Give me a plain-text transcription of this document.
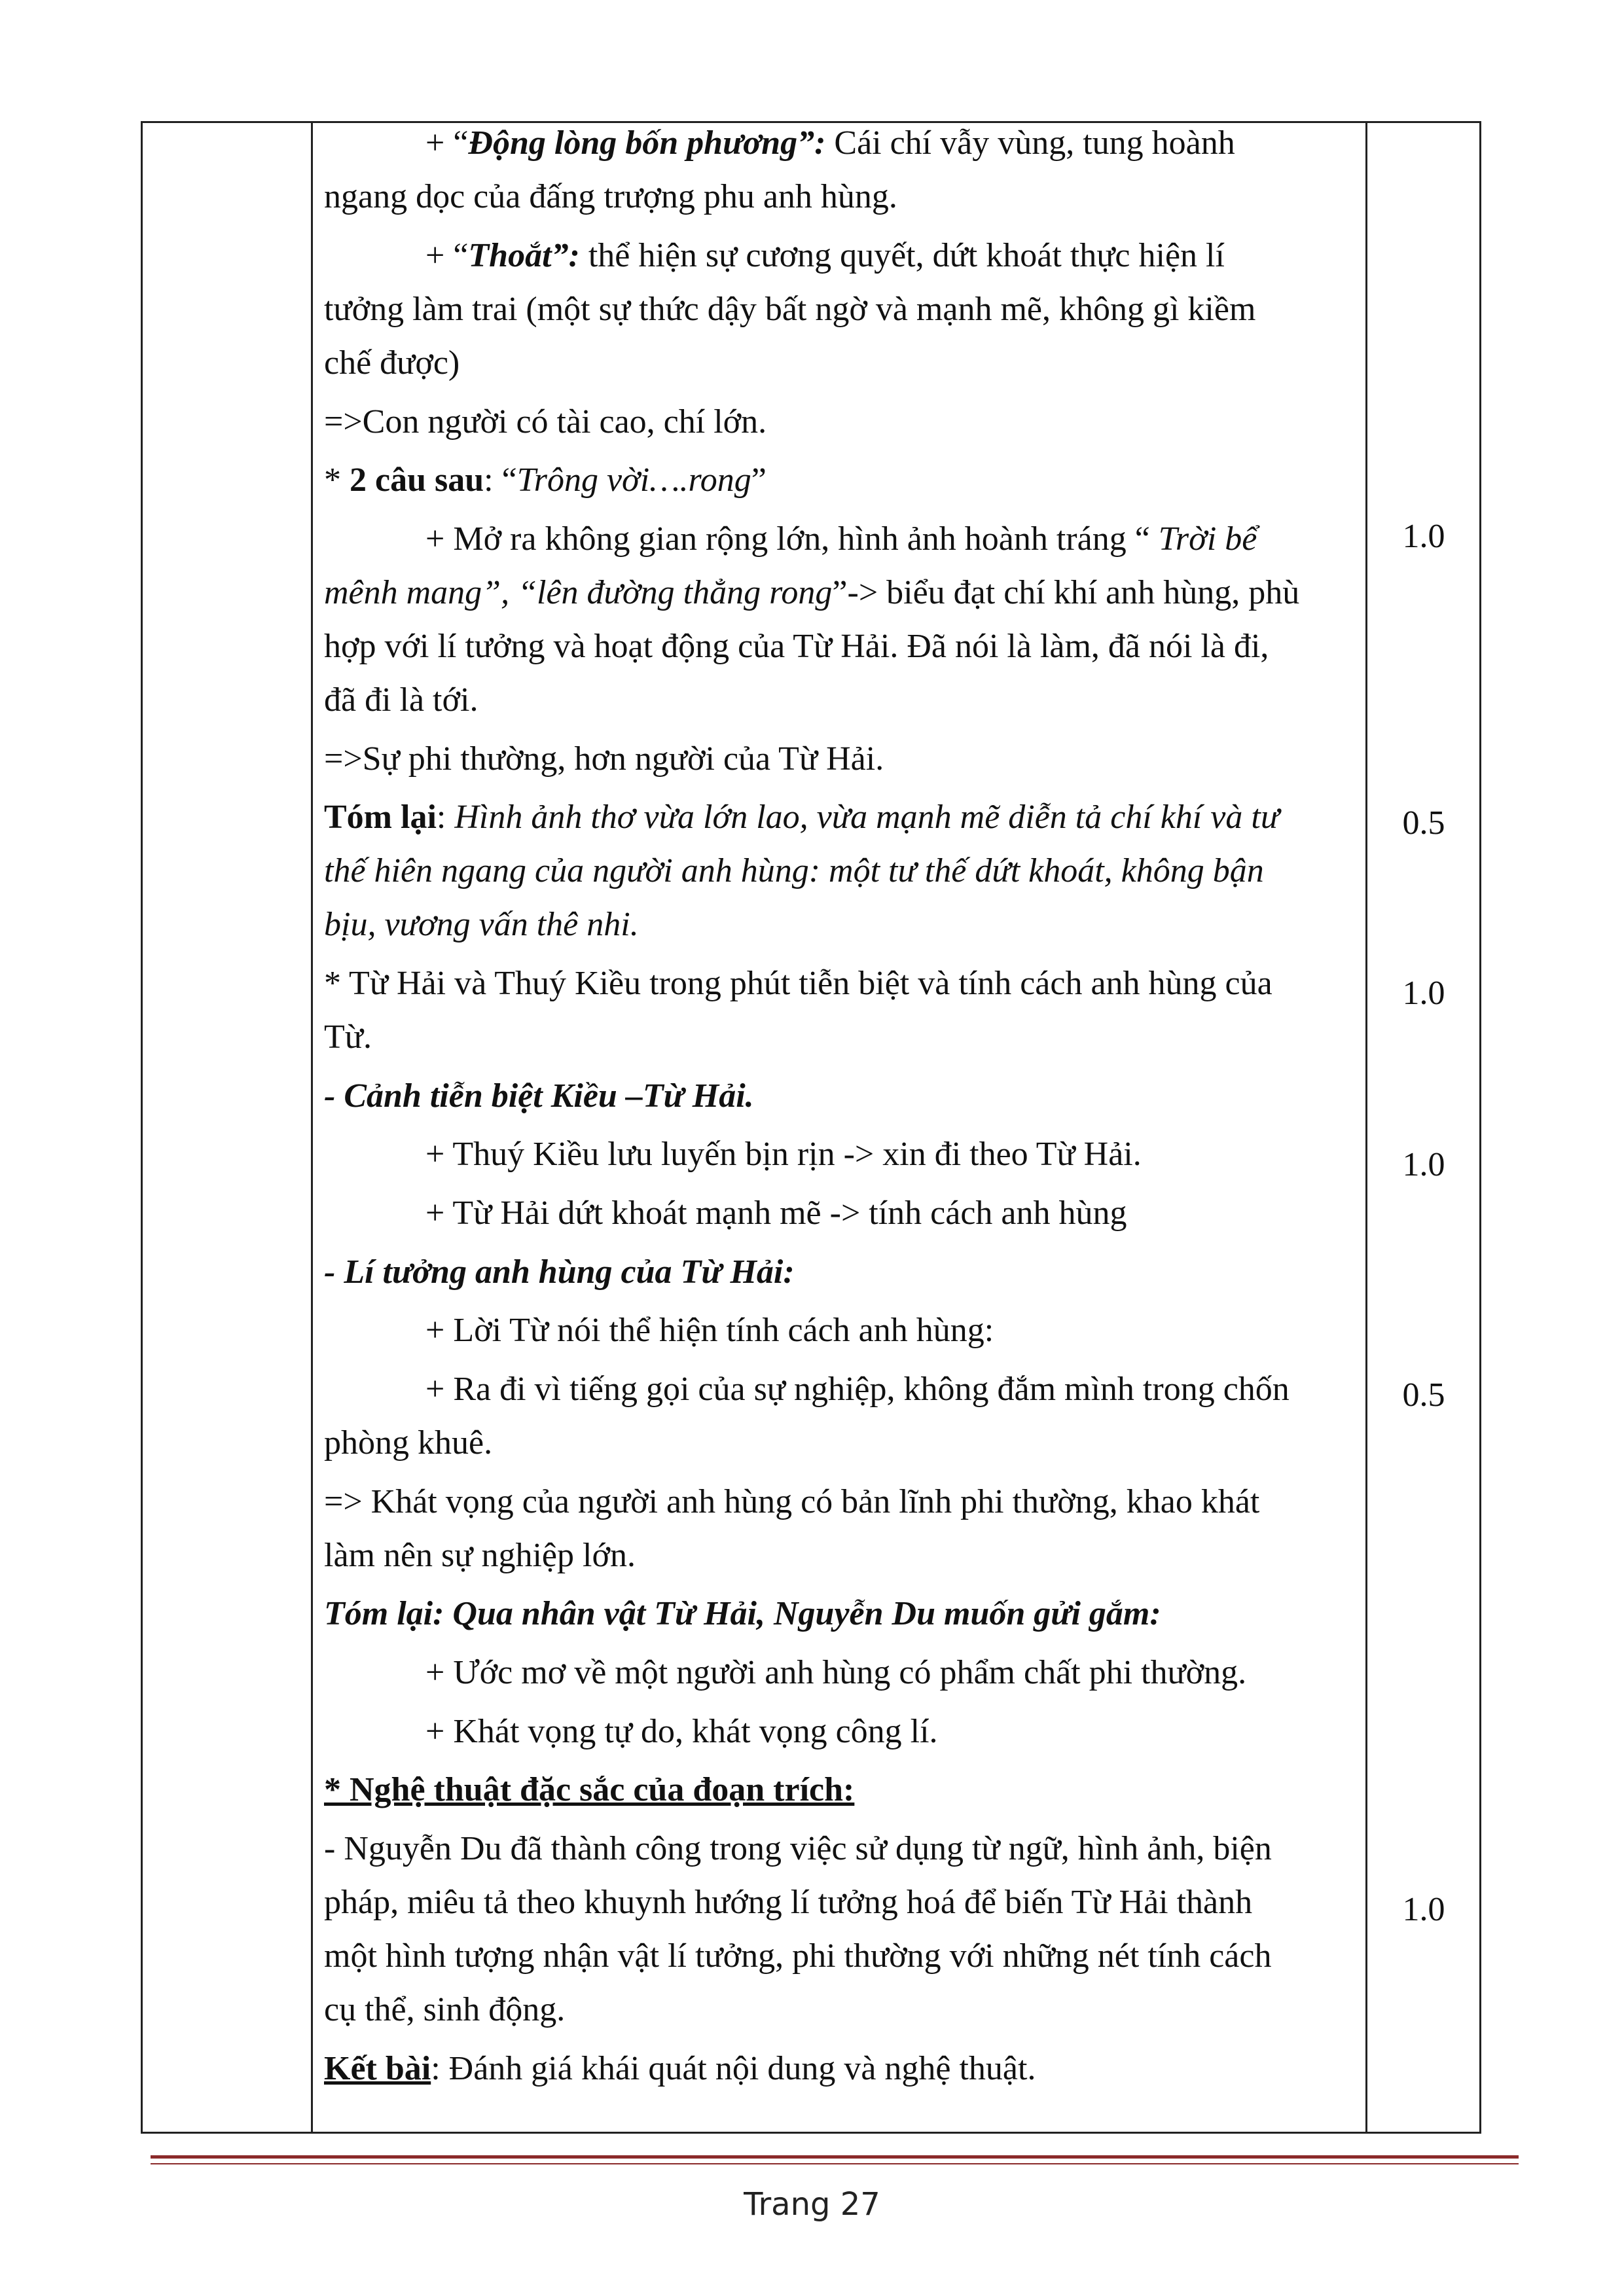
+ “Động lòng bốn phương”: Cái chí vẫy vùng, tung hoành

ngang dọc của đấng trượng phu anh hùng.

+ “Thoắt”: thể hiện sự cương quyết, dứt khoát thực hiện lí

tưởng làm trai (một sự thức dậy bất ngờ và mạnh mẽ, không gì kiềm

chế được)

=>Con người có tài cao, chí lớn.

* 2 câu sau: “Trông vời….rong”

+ Mở ra không gian rộng lớn, hình ảnh hoành tráng “ Trời bể

mênh mang”, “lên đường thẳng rong”-> biểu đạt chí khí anh hùng, phù

hợp với lí tưởng và hoạt động của Từ Hải. Đã nói là làm, đã nói là đi,

đã đi là tới.

=>Sự phi thường, hơn người của Từ Hải.

Tóm lại: Hình ảnh thơ vừa lớn lao, vừa mạnh mẽ diễn tả chí khí và tư

thế hiên ngang của người anh hùng: một tư thế dứt khoát, không bận

bịu, vương vấn thê nhi.

* Từ Hải và Thuý Kiều trong phút tiễn biệt và tính cách anh hùng của

Từ.

- Cảnh tiễn biệt Kiều –Từ Hải.

+ Thuý Kiều lưu luyến bịn rịn -> xin đi theo Từ Hải.

+ Từ Hải dứt khoát mạnh mẽ -> tính cách anh hùng

- Lí tưởng anh hùng của Từ Hải:

+ Lời Từ nói thể hiện tính cách anh hùng:

+ Ra đi vì tiếng gọi của sự nghiệp, không đắm mình trong chốn

phòng khuê.

=> Khát vọng của người anh hùng có bản lĩnh phi thường, khao khát

làm nên sự nghiệp lớn.

Tóm lại: Qua nhân vật Từ Hải, Nguyễn Du muốn gửi gắm:

+ Ước mơ về một người anh hùng có phẩm chất phi thường.

+ Khát vọng tự do, khát vọng công lí.

* Nghệ thuật đặc sắc của đoạn trích:

- Nguyễn Du đã thành công trong việc sử dụng từ ngữ, hình ảnh, biện

pháp, miêu tả theo khuynh hướng lí tưởng hoá để biến Từ Hải thành

một hình tượng nhận vật lí tưởng, phi thường với những nét tính cách

cụ thể, sinh động.

Kết bài: Đánh giá khái quát nội dung và nghệ thuật.

1.0
0.5
1.0
1.0
0.5
1.0
Trang 27
